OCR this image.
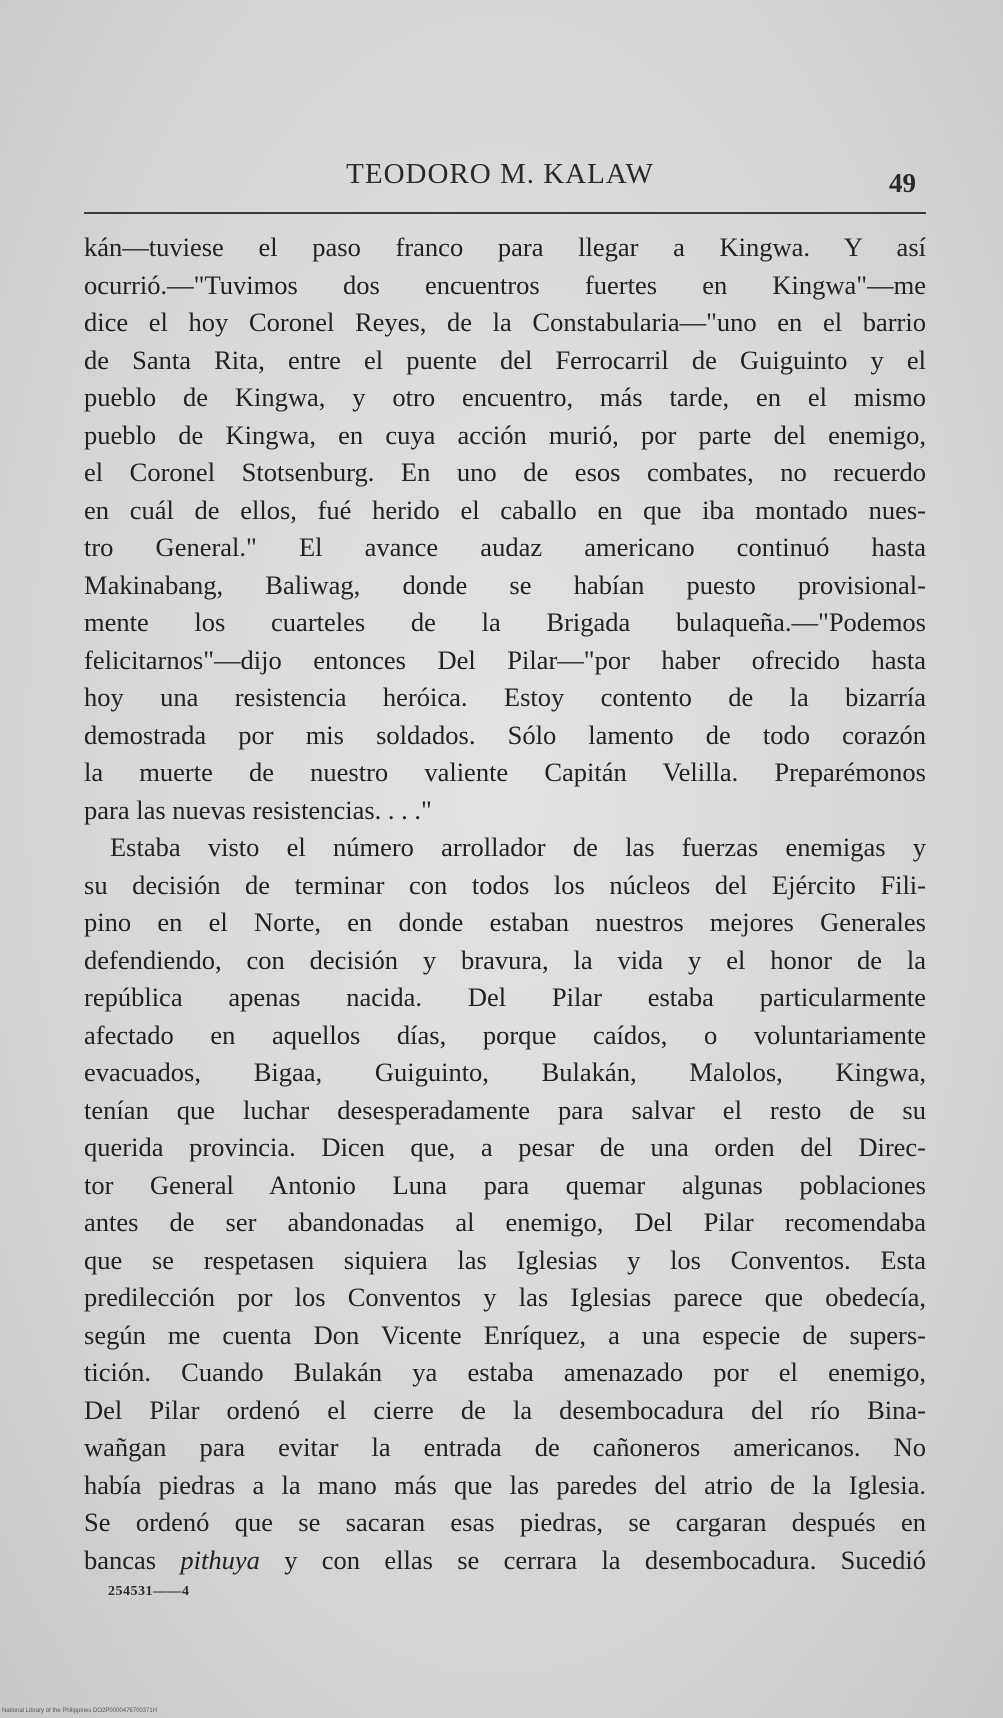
TEODORO M. KALAW	49
kán—tuviese el paso franco para llegar a Kingwa. Y así
ocurrió.—"Tuvimos dos encuentros fuertes en Kingwa"—me
dice el hoy Coronel Reyes, de la Constabularia—"uno en el barrio
de Santa Rita, entre el puente del Ferrocarril de Guiguinto y el
pueblo de Kingwa, y otro encuentro, más tarde, en el mismo
pueblo de Kingwa, en cuya acción murió, por parte del enemigo,
el Coronel Stotsenburg. En uno de esos combates, no recuerdo
en cuál de ellos, fué herido el caballo en que iba montado nues-
tro General." El avance audaz americano continuó hasta
Makinabang, Baliwag, donde se habían puesto provisional-
mente los cuarteles de la Brigada bulaqueña.—"Podemos
felicitarnos"—dijo entonces Del Pilar—"por haber ofrecido hasta
hoy una resistencia heróica. Estoy contento de la bizarría
demostrada por mis soldados. Sólo lamento de todo corazón
la muerte de nuestro valiente Capitán Velilla. Preparémonos
para las nuevas resistencias. . . ."
Estaba visto el número arrollador de las fuerzas enemigas y
su decisión de terminar con todos los núcleos del Ejército Fili-
pino en el Norte, en donde estaban nuestros mejores Generales
defendiendo, con decisión y bravura, la vida y el honor de la
república apenas nacida. Del Pilar estaba particularmente
afectado en aquellos días, porque caídos, o voluntariamente
evacuados, Bigaa, Guiguinto, Bulakán, Malolos, Kingwa,
tenían que luchar desesperadamente para salvar el resto de su
querida provincia. Dicen que, a pesar de una orden del Direc-
tor General Antonio Luna para quemar algunas poblaciones
antes de ser abandonadas al enemigo, Del Pilar recomendaba
que se respetasen siquiera las Iglesias y los Conventos. Esta
predilección por los Conventos y las Iglesias parece que obedecía,
según me cuenta Don Vicente Enríquez, a una especie de supers-
tición. Cuando Bulakán ya estaba amenazado por el enemigo,
Del Pilar ordenó el cierre de la desembocadura del río Bina-
wañgan para evitar la entrada de cañoneros americanos. No
había piedras a la mano más que las paredes del atrio de la Iglesia.
Se ordenó que se sacaran esas piedras, se cargaran después en
bancas pithuya y con ellas se cerrara la desembocadura. Sucedió
254531——4
National Library of the Philippines DO2P0000476700371H
